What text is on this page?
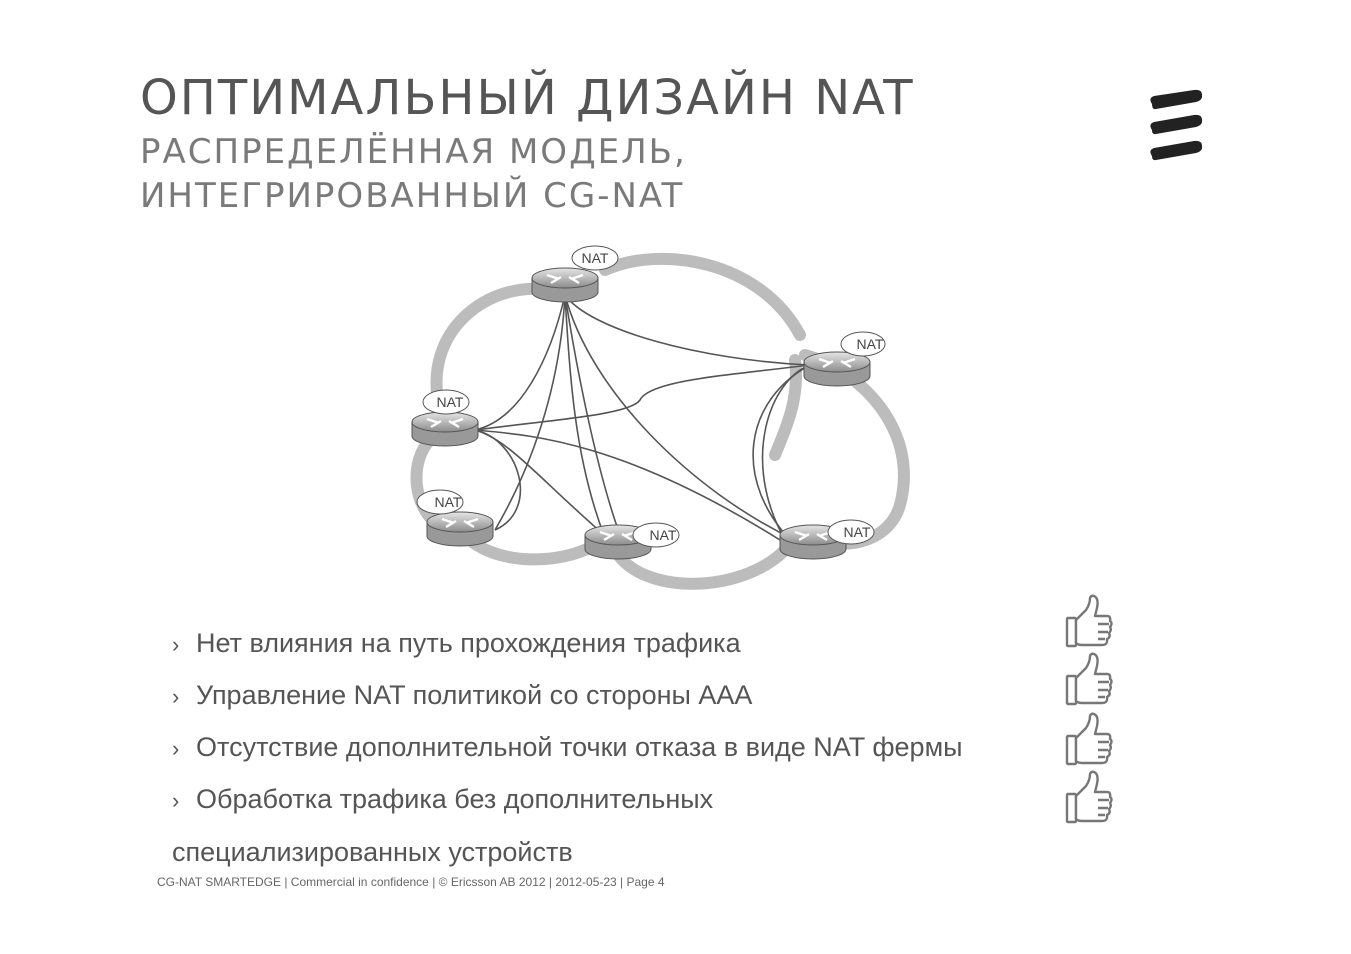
ОПТИМАЛЬНЫЙ ДИЗАЙН NAT
РАСПРЕДЕЛЁННАЯ МОДЕЛЬ,
ИНТЕГРИРОВАННЫЙ CG-NAT
NAT
NAT
NAT
NAT
NAT	NAT
› Нет влияния на путь прохождения трафика
› Управление NAT политикой со стороны AAA
› Отсутствие дополнительной точки отказа в виде NAT фермы
› Обработка трафика без дополнительных
специализированных устройств
CG-NAT SMARTEDGE | Commercial in confidence | © Ericsson AB 2012 | 2012-05-23 | Page 4
